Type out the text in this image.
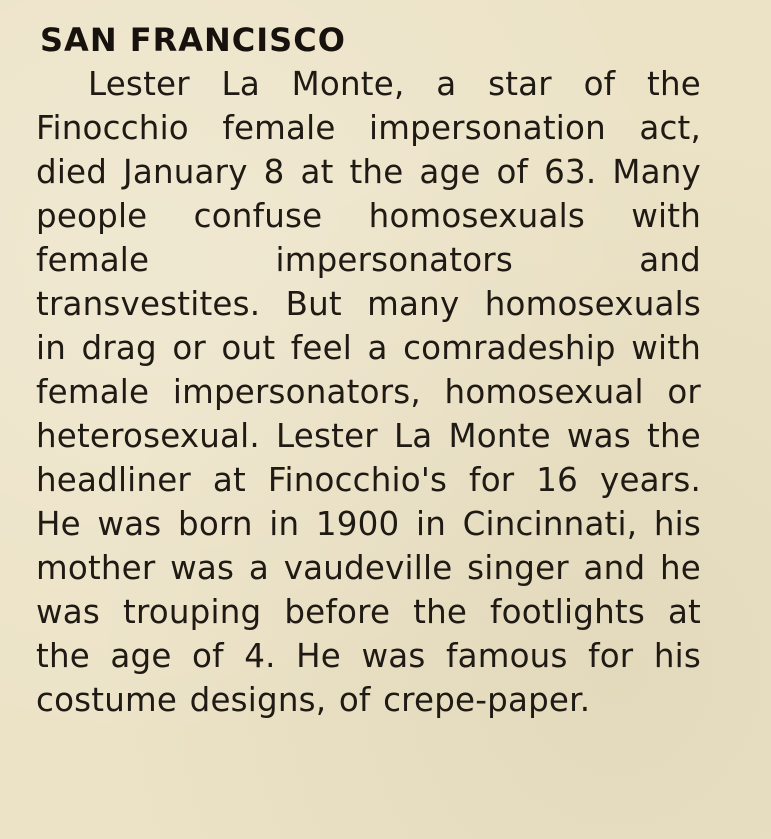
SAN FRANCISCO

Lester La Monte, a star of the Finocchio female impersonation act, died January 8 at the age of 63. Many people confuse homosexuals with female impersonators and transvestites. But many homosexuals in drag or out feel a comradeship with female impersonators, homosexual or heterosexual. Lester La Monte was the headliner at Finocchio's for 16 years. He was born in 1900 in Cincinnati, his mother was a vaudeville singer and he was trouping before the footlights at the age of 4. He was famous for his costume designs, of crepe-paper.
